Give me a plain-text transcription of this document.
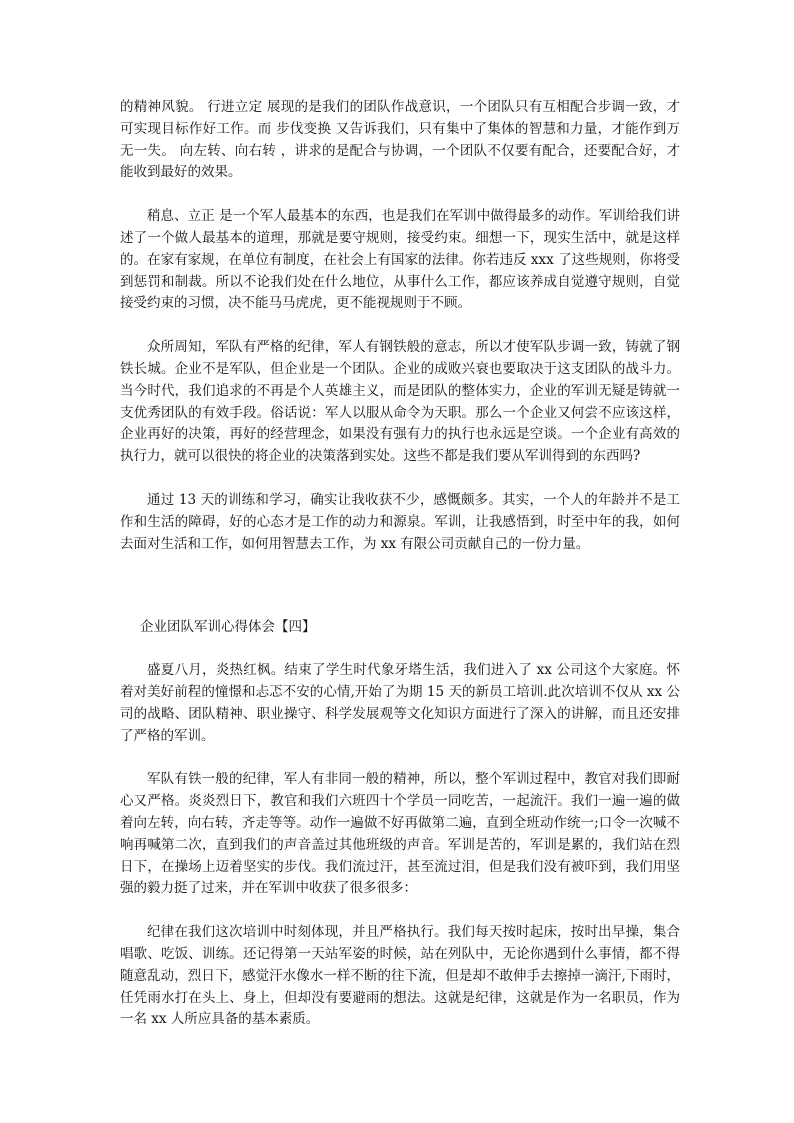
的精神风貌。 行进立定 展现的是我们的团队作战意识，一个团队只有互相配合步调一致，才可实现目标作好工作。而 步伐变换 又告诉我们，只有集中了集体的智慧和力量，才能作到万无一失。 向左转、向右转 ，讲求的是配合与协调，一个团队不仅要有配合，还要配合好，才能收到最好的效果。

稍息、立正 是一个军人最基本的东西，也是我们在军训中做得最多的动作。军训给我们讲述了一个做人最基本的道理，那就是要守规则，接受约束。细想一下，现实生活中，就是这样的。在家有家规，在单位有制度，在社会上有国家的法律。你若违反 xxx 了这些规则，你将受到惩罚和制裁。所以不论我们处在什么地位，从事什么工作，都应该养成自觉遵守规则，自觉接受约束的习惯，决不能马马虎虎，更不能视规则于不顾。

众所周知，军队有严格的纪律，军人有钢铁般的意志，所以才使军队步调一致，铸就了钢铁长城。企业不是军队，但企业是一个团队。企业的成败兴衰也要取决于这支团队的战斗力。当今时代，我们追求的不再是个人英雄主义，而是团队的整体实力，企业的军训无疑是铸就一支优秀团队的有效手段。俗话说：军人以服从命令为天职。那么一个企业又何尝不应该这样，企业再好的决策，再好的经营理念，如果没有强有力的执行也永远是空谈。一个企业有高效的执行力，就可以很快的将企业的决策落到实处。这些不都是我们要从军训得到的东西吗?

通过 13 天的训练和学习，确实让我收获不少，感慨颇多。其实，一个人的年龄并不是工作和生活的障碍，好的心态才是工作的动力和源泉。军训，让我感悟到，时至中年的我，如何去面对生活和工作，如何用智慧去工作，为 xx 有限公司贡献自己的一份力量。

企业团队军训心得体会【四】

盛夏八月，炎热红枫。结束了学生时代象牙塔生活，我们进入了 xx 公司这个大家庭。怀着对美好前程的憧憬和忐忑不安的心情,开始了为期 15 天的新员工培训.此次培训不仅从 xx 公司的战略、团队精神、职业操守、科学发展观等文化知识方面进行了深入的讲解，而且还安排了严格的军训。

军队有铁一般的纪律，军人有非同一般的精神，所以，整个军训过程中，教官对我们即耐心又严格。炎炎烈日下，教官和我们六班四十个学员一同吃苦，一起流汗。我们一遍一遍的做着向左转，向右转，齐走等等。动作一遍做不好再做第二遍，直到全班动作统一;口令一次喊不响再喊第二次，直到我们的声音盖过其他班级的声音。军训是苦的，军训是累的，我们站在烈日下，在操场上迈着坚实的步伐。我们流过汗，甚至流过泪，但是我们没有被吓到，我们用坚强的毅力挺了过来，并在军训中收获了很多很多：

纪律在我们这次培训中时刻体现，并且严格执行。我们每天按时起床，按时出早操，集合唱歌、吃饭、训练。还记得第一天站军姿的时候，站在列队中，无论你遇到什么事情，都不得随意乱动，烈日下，感觉汗水像水一样不断的往下流，但是却不敢伸手去擦掉一滴汗,下雨时，任凭雨水打在头上、身上，但却没有要避雨的想法。这就是纪律，这就是作为一名职员，作为一名 xx 人所应具备的基本素质。
